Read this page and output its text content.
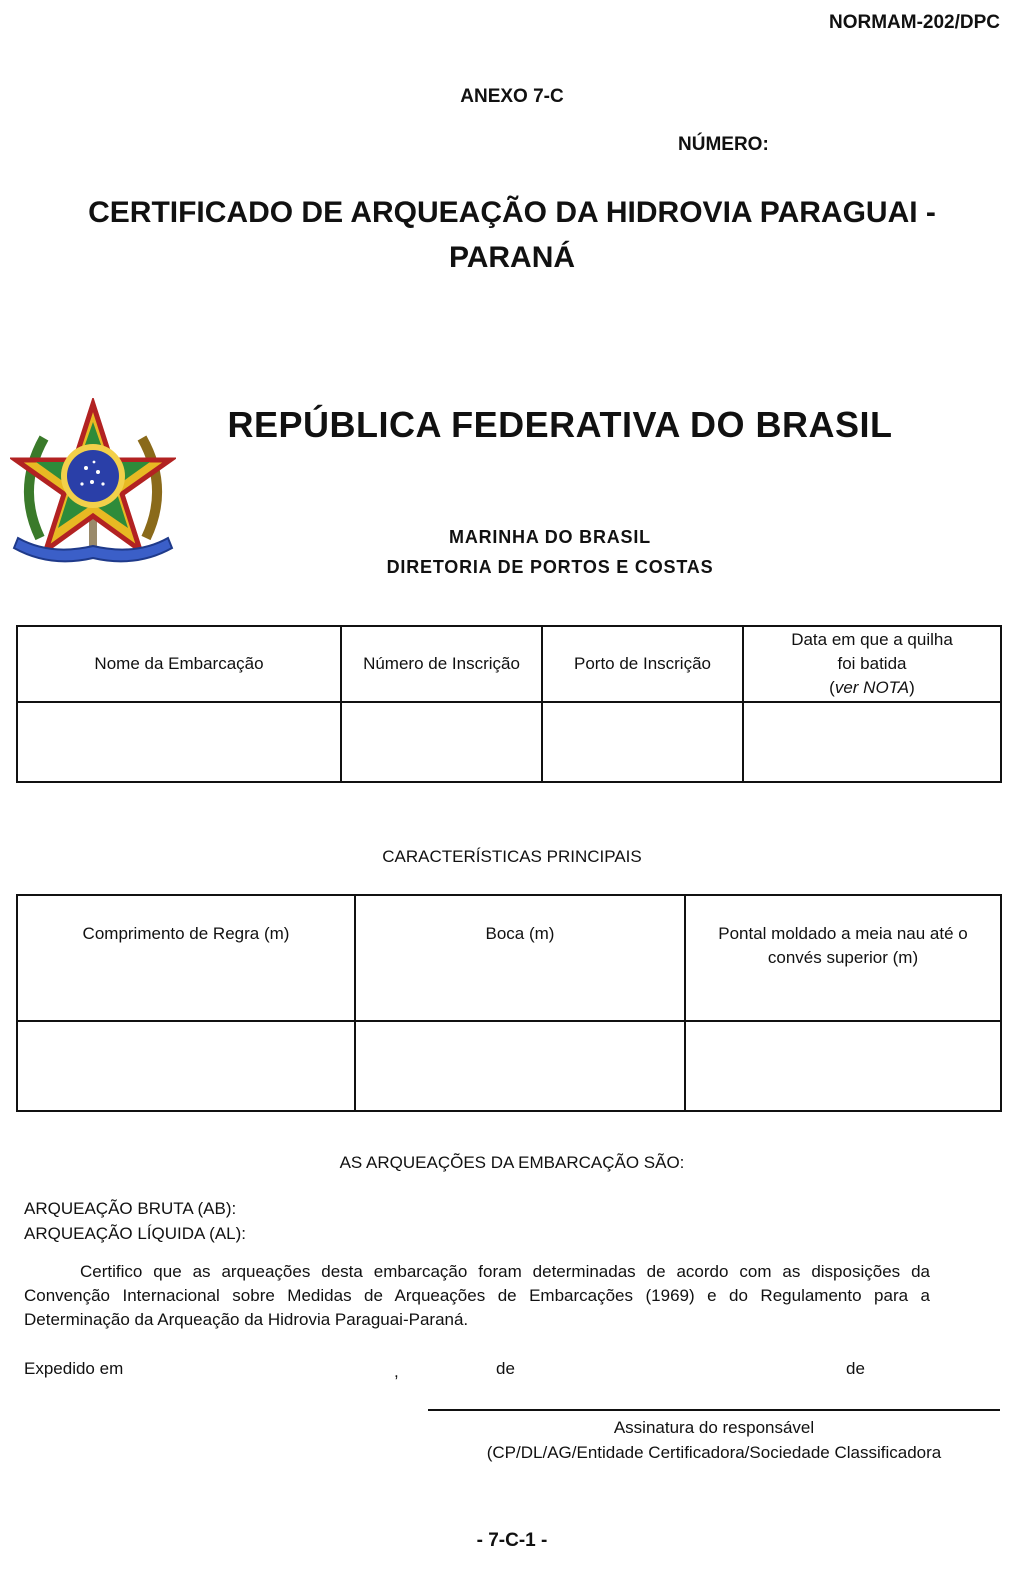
NORMAM-202/DPC
ANEXO 7-C
NÚMERO:
CERTIFICADO DE ARQUEAÇÃO DA HIDROVIA PARAGUAI -
PARANÁ
REPÚBLICA FEDERATIVA DO BRASIL
MARINHA DO BRASIL
DIRETORIA DE PORTOS E COSTAS
Nome da Embarcação	Número de Inscrição	Porto de Inscrição	Data em que a quilha
foi batida
(ver NOTA)

CARACTERÍSTICAS PRINCIPAIS
Comprimento de Regra (m)	Boca (m)	Pontal moldado a meia nau até o
convés superior (m)

AS ARQUEAÇÕES DA EMBARCAÇÃO SÃO:
ARQUEAÇÃO BRUTA (AB):
ARQUEAÇÃO LÍQUIDA (AL):
Certifico que as arqueações desta embarcação foram determinadas de acordo com as disposições da Convenção Internacional sobre Medidas de Arqueações de Embarcações (1969) e do Regulamento para a Determinação da Arqueação da Hidrovia Paraguai-Paraná.
Expedido em	,	de	de
Assinatura do responsável
(CP/DL/AG/Entidade Certificadora/Sociedade Classificadora
- 7-C-1 -
